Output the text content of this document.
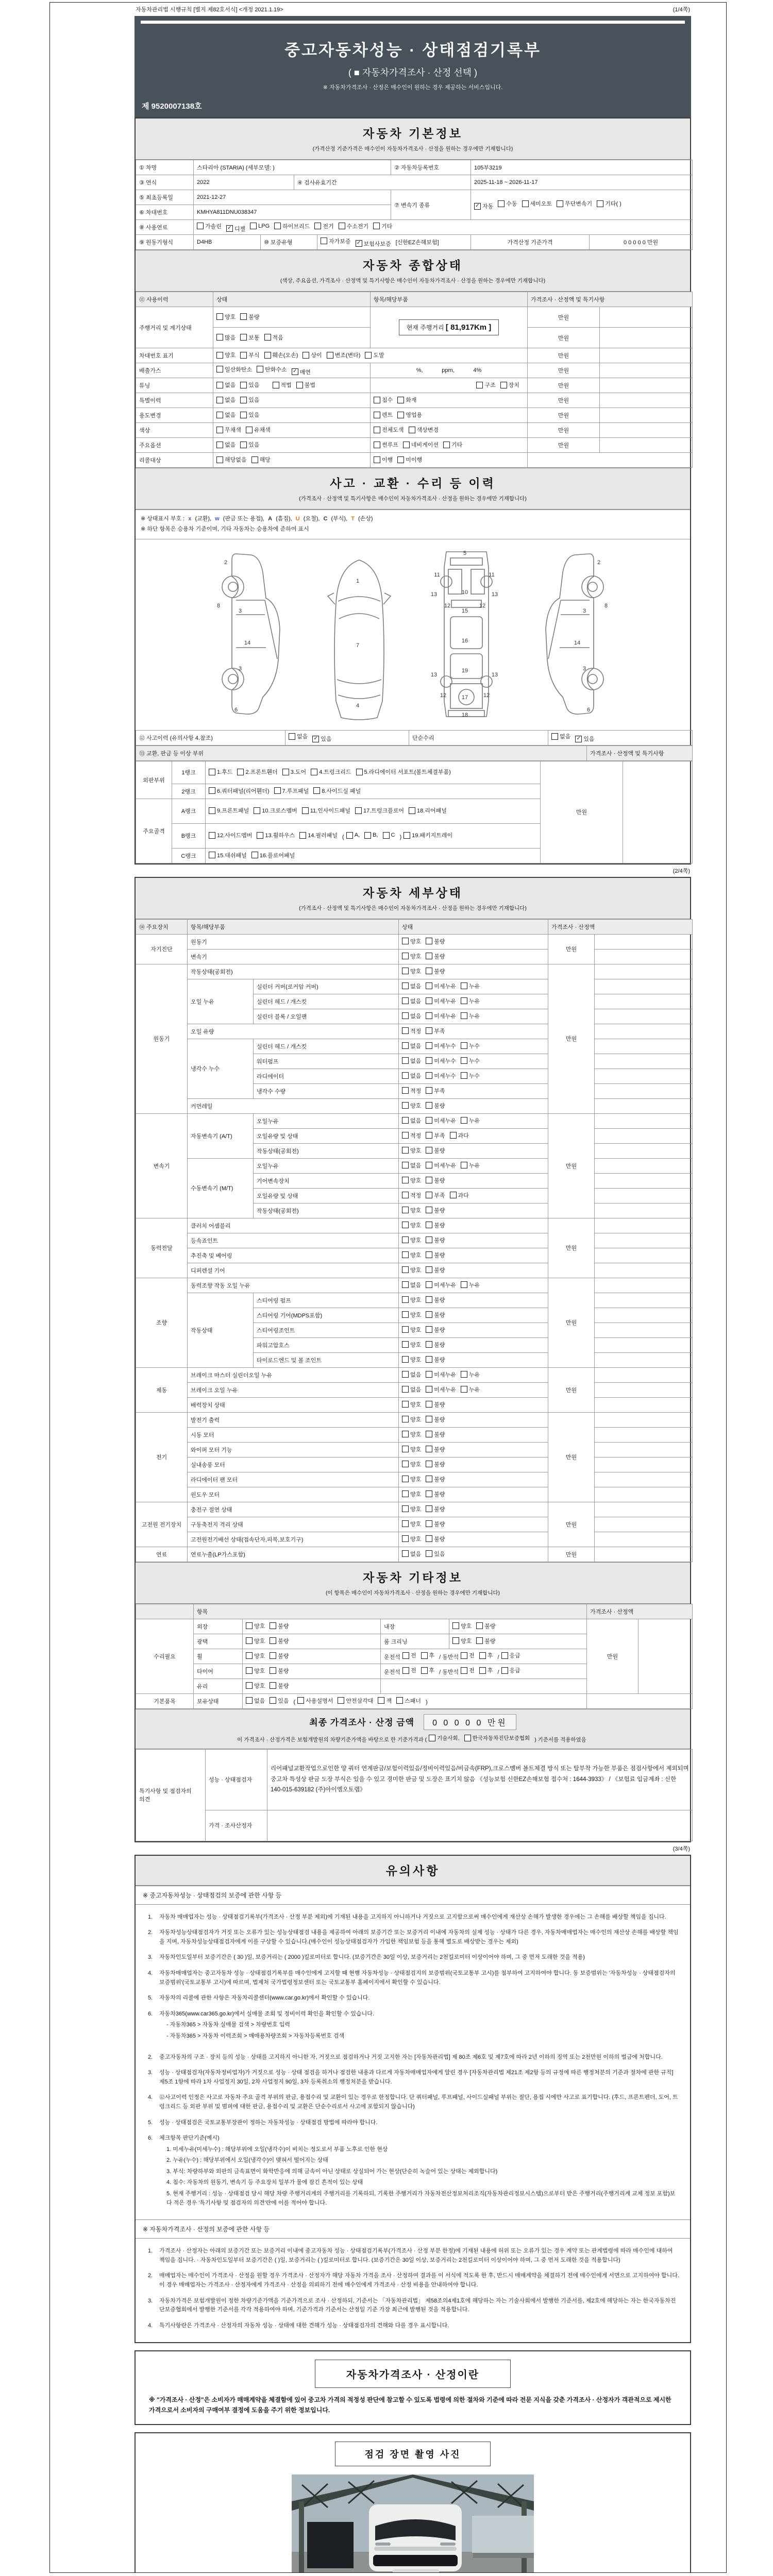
자동차관리법 시행규칙 [별지 제82호서식] <개정 2021.1.19>	(1/4쪽)
중고자동차성능 · 상태점검기록부
( ■ 자동차가격조사 · 산정 선택 )
※ 자동차가격조사 · 산정은 매수인이 원하는 경우 제공하는 서비스입니다.
제 9520007138호
자동차 기본정보
(가격산정 기준가격은 매수인이 자동차가격조사 · 산정을 원하는 경우에만 기재합니다)
① 차명	스타리아 (STARIA) (세부모델: )				② 자동차등록번호	105부3219	
③ 연식	2022		④ 검사유효기간			2025-11-18 ~ 2026-11-17	
⑤ 최초등록일	2021-12-27	⑦ 변속기 종류	✓ 자동 수동 세미오토 무단변속기 기타( )

⑥ 차대번호	KMHYA811DNU038347						
⑧ 사용연료	가솔린 ✓ 디젤 LPG 하이브리드 전기 수소전기 기타

⑨ 원동기형식	D4HB	⑩ 보증유형		자가보증 ✓ 보험사보증 [신한EZ손해보험]		가격산정 기준가격	0 0 0 0 0 만원
자동차 종합상태
(색상, 주요옵션, 가격조사 · 산정액 및 특기사항은 매수인이 자동차가격조사 · 산정을 원하는 경우에만 기재합니다)
⑪ 사용이력	상태	항목/해당부품	가격조사 · 산정액 및 특기사항	
주행거리 및 계기상태	양호 불량	현재 주행거리 [ 81,917Km ]	만원	

	많음 보통 적음		만원	
차대번호 표기	양호 부식 훼손(오손) 상이 변조(변타) 도말	만원	
배출가스	일산화탄소 탄화수소 ✓ 매연	%,            ppm,            4%	만원	
튜닝	없음 있음 적법 불법	구조 장치	만원	
특별이력	없음 있음	침수 화재	만원	
용도변경	없음 있음	렌트 영업용	만원	
색상	무채색 유채색	전체도색 색상변경	만원	
주요옵션	없음 있음	썬루프 네비게이션 기타	만원	
리콜대상	해당없음 해당	이행 미이행		

사고 · 교환 · 수리 등 이력
(가격조사 · 산정액 및 특기사항은 매수인이 자동차가격조사 · 산정을 원하는 경우에만 기재합니다)
※ 상태표시 부호 : x (교환), w (판금 또는 용접), A (흠집), U (요철), C (부식), T (손상)
※ 하단 항목은 승용차 기준이며, 기타 자동차는 승용차에 준하여 표시
2
8
3
14
3
6
1
7
4
5
11	11
13	13
12	12
10
15
16
19
13	13
12	12
17
18
2
8
3
14
3
6
⑫ 사고이력 (유의사항 4.참조)	없음 ✓ 있음	단순수리	없음 ✓ 있음
⑬ 교환, 판금 등 이상 부위	가격조사 · 산정액 및 특기사항
외판부위	1랭크	1.후드 2.프론트휀더 3.도어 4.트렁크리드 5.라디에이터 서포트(볼트체결부품)	만원	
	2랭크	6.쿼터패널(리어휀더) 7.루프패널 8.사이드실 패널		

주요골격	A랭크	9.프론트패널 10.크로스멤버 11.인사이드패널 17.트렁크플로어 18.리어패널		

B랭크	12.사이드멤버 13.휠하우스 14.필러패널 ( A, B, C ) 19.패키지트레이

	C랭크	15.대쉬패널 16.플로어패널		
(2/4쪽)
자동차 세부상태
(가격조사 · 산정액 및 특기사항은 매수인이 자동차가격조사 · 산정을 원하는 경우에만 기재합니다)
⑭ 주요장치	항목/해당부품		상태	가격조사 · 산정액	
자기진단	원동기		양호 불량	만원	
	변속기		양호 불량		

원동기	작동상태(공회전)		양호 불량	만원	
	오일 누유	실린더 커버(로커암 커버)	없음 미세누유 누유		

		실린더 헤드 / 개스킷	없음 미세누유 누유		

		실린더 블록 / 오일팬	없음 미세누유 누유		

	오일 유량		적정 부족		

	냉각수 누수	실린더 헤드 / 개스킷	없음 미세누수 누수		

		워터펌프	없음 미세누수 누수		

		라디에이터	없음 미세누수 누수		

		냉각수 수량	적정 부족		

	커먼레일		양호 불량		

변속기	자동변속기 (A/T)	오일누유	없음 미세누유 누유	만원	
		오일유량 및 상태	적정 부족 과다		

		작동상태(공회전)	양호 불량		

	수동변속기 (M/T)	오일누유	없음 미세누유 누유		

		기어변속장치	양호 불량		

		오일유량 및 상태	적정 부족 과다		

		작동상태(공회전)	양호 불량		

동력전달	클러치 어셈블리		양호 불량	만원	
	등속죠인트		양호 불량		

	추진축 및 베어링		양호 불량		

	디퍼렌셜 기어		양호 불량		

조향	동력조향 작동 오일 누유		없음 미세누유 누유	만원	
	작동상태	스티어링 펌프	양호 불량		

		스티어링 기어(MDPS포함)	양호 불량		

		스티어링조인트	양호 불량		

		파워고압호스	양호 불량		

		타이로드엔드 및 볼 조인트	양호 불량		

제동	브레이크 마스터 실린더오일 누유		없음 미세누유 누유	만원	
	브레이크 오일 누유		없음 미세누유 누유		

	배력장치 상태		양호 불량		

전기	발전기 출력		양호 불량	만원	
	시동 모터		양호 불량		

	와이퍼 모터 기능		양호 불량		

	실내송풍 모터		양호 불량		

	라디에이터 팬 모터		양호 불량		

	윈도우 모터		양호 불량		

고전원 전기장치	충전구 절연 상태		양호 불량	만원	
	구동축전지 격리 상태		양호 불량		

	고전원전기배선 상태(접속단자,피복,보호기구)		양호 불량		

연료	연료누출(LP가스포함)		없음 있음	만원	
자동차 기타정보
(이 항목은 매수인이 자동차가격조사 · 산정을 원하는 경우에만 기재합니다)
	항목				가격조사 · 산정액	
수리필요	외장	양호 불량	내장	양호 불량	만원	
	광택	양호 불량	룸 크리닝	양호 불량		

휠	양호 불량	운전석 전 후 / 동반석 전 후 / 응급

타이어	양호 불량	운전석 전 후 / 동반석 전 후 / 응급

	유리	양호 불량				

기본품목	보유상태	없음 있음 ( 사용설명서 안전삼각대 잭 스패너 )	
최종 가격조사 · 산정 금액 0 0 0 0 0 만원
이 가격조사 · 산정가격은 보험개발원의 차량기준가액을 바탕으로 한 기준가격과 ( 기술사회, 한국자동차진단보증협회 ) 기준서를 적용하였음
특기사항 및 점검자의 의견	성능 · 상태점검자	리어패널교환작업으로인한 양 쿼터 연계판금/보험이력있음/정비이력있음/비금속(FRP),크로스멤버 볼트체결 방식 또는 탈부착 가능한 부품은 점검사항에서 제외되며 중고차 특성상 판금 도장 부식은 있을 수 있고 경미한 판금 및 도장은 표기치 않음 《성능보험 신한EZ손해보험 접수처 : 1644-3933》 / 《보험료 입금계좌 : 신한 140-015-639182 (주)아이엠오토랩》
	가격 · 조사산정자	
(3/4쪽)
유의사항
※ 중고자동차성능 · 상태점검의 보증에 관한 사항 등
1.	자동차 매매업자는 성능 · 상태점검기록부(가격조사 · 산정 부분 제외)에 기재된 내용을 고지하지 아니하거나 거짓으로 고지함으로써 매수인에게 재산상 손해가 발생한 경우에는 그 손해를 배상할 책임을 집니다.
2.	자동차성능상태점검자가 거짓 또는 오류가 있는 성능상태점검 내용을 제공하여 아래의 보증기간 또는 보증거리 이내에 자동차의 실제 성능 · 상태가 다른 경우, 자동차매매업자는 매수인의 재산상 손해를 배상할 책임을 지며, 자동차성능상태점검자에게 이를 구상할 수 있습니다.(매수인이 성능상태점검자가 가입한 책임보험 등을 통해 별도로 배상받는 경우는 제외)
3.	자동차인도일부터 보증기간은 ( 30 )일, 보증거리는 ( 2000 )킬로미터로 합니다. (보증기간은 30일 이상, 보증거리는 2천킬로미터 이상이어야 하며, 그 중 먼저 도래한 것을 적용)
4.	자동차매매업자는 중고자동차 성능 · 상태점검기록부를 매수인에게 고지할 때 현행 자동차성능 · 상태점검지의 보증범위(국토교통부 고시)를 첨부하여 고지하여야 합니다. 동 보증범위는 '자동차성능 · 상태점검자의 보증범위'(국토교통부 고시)에 따르며, 법제처 국가법령정보센터 또는 국토교통부 홈페이지에서 확인할 수 있습니다.
5.	자동차의 리콜에 관한 사항은 자동차리콜센터(www.car.go.kr)에서 확인할 수 있습니다.
6.	자동차365(www.car365.go.kr)에서 실매물 조회 및 정비이력 확인을 확인할 수 있습니다.
- 자동차365 > 자동차 실매물 검색 > 차량번호 입력
- 자동차365 > 자동차 이력조회 > 매매용차량조회 > 자동차등록번호 검색
2.	중고자동차의 구조 · 장치 등의 성능 · 상태를 고지하지 아니한 자, 거짓으로 점검하거나 거짓 고지한 자는 [자동차관리법] 제 80조 제6호 및 제7호에 따라 2년 이하의 징역 또는 2천만원 이하의 벌금에 처합니다.
3.	성능 · 상태점검자(자동차정비업자)가 거짓으로 성능 · 상태 점검을 하거나 점검한 내용과 다르게 자동차매매업자에게 알린 경우 [자동차관리법 제21조 제2항 등의 규정에 따른 행정처분의 기준과 절차에 관한 규칙] 제5조 1항에 따라 1차 사업정지 30일, 2차 사업정지 90일, 3차 등록취소의 행정처분을 받습니다.
4.	⑫사고이력 인정은 사고로 자동차 주요 골격 부위의 판금, 용접수리 및 교환이 있는 경우로 한정합니다. 단 쿼터패널, 루프패널, 사이드실패널 부위는 절단, 용접 시에만 사고로 표기합니다. (후드, 프론트펜더, 도어, 트렁크리드 등 외판 부위 및 범퍼에 대한 판금, 용접수리 및 교환은 단순수리로서 사고에 포함되지 않습니다)
5.	성능 · 상태점검은 국토교통부장관이 정하는 자동차성능 · 상태점검 방법에 따라야 합니다.
6.	체크항목 판단기준(예시)
1. 미세누유(미세누수) : 해당부위에 오일(냉각수)이 비치는 정도로서 부품 노후로 인한 현상
2. 누유(누수) : 해당부위에서 오일(냉각수)이 맺혀서 떨어지는 상태
3. 부식: 차량하부와 외판의 금속표면이 화학반응에 의해 금속이 아닌 상태로 상실되어 가는 현상(단순히 녹슬어 있는 상태는 제외합니다)
4. 침수: 자동차의 원동기, 변속기 등 주요장치 일부가 물에 잠긴 흔적이 있는 상태
5. 현재 주행거리 : 성능 · 상태점검 당시 해당 차량 주행거리계의 주행거리를 기록하되, 기록한 주행거리가 자동차전산정보처리조직(자동차관리정보시스템)으로부터 받은 주행거리(주행거리계 교체 정보 포함)보다 적은 경우 '특기사항 및 점검자의 의견'란에 이를 적어야 합니다.
※ 자동차가격조사 · 산정의 보증에 관한 사항 등
1.	가격조사 · 산정자는 아래의 보증기간 또는 보증거리 이내에 중고자동차 성능 · 상태점검기록부(가격조사 · 산정 부분 한정)에 기재된 내용에 허위 또는 오류가 있는 경우 계약 또는 관계법령에 따라 매수인에 대하여 책임을 집니다. · 자동차인도일부터 보증기간은 ( )일, 보증거리는 ( )킬로미터로 합니다. (보증기간은 30일 이상, 보증거리는 2천킬로미터 이상이어야 하며, 그 중 먼저 도래한 것을 적용합니다)
2.	매매업자는 매수인이 가격조사 · 산정을 원할 경우 가격조사 · 산정자가 해당 자동차 가격을 조사 · 산정하여 결과를 이 서식에 적도록 한 후, 반드시 매매계약을 체결하기 전에 매수인에게 서면으로 고지하여야 합니다. 이 경우 매매업자는 가격조사 · 산정자에게 가격조사 · 산정을 의뢰하기 전에 매수인에게 가격조사 · 산정 비용을 안내하여야 합니다.
3.	자동차가격은 보험개발원이 정한 차량기준가액을 기준가격으로 조사 · 산정하되, 기준서는 「자동차관리법」 제58조의4제1호에 해당하는 자는 기술사회에서 발행한 기준서를, 제2호에 해당하는 자는 한국자동차진단보증협회에서 발행한 기준서를 각각 적용하여야 하며, 기준가격과 기준서는 산정일 기준 가장 최근에 발행된 것을 적용합니다.
4.	특기사항란은 가격조사 · 산정자의 자동차 성능 · 상태에 대한 견해가 성능 · 상태점검자의 견해와 다를 경우 표시합니다.
자동차가격조사 · 산정이란
※ "가격조사 · 산정"은 소비자가 매매계약을 체결함에 있어 중고차 가격의 적정성 판단에 참고할 수 있도록 법령에 의한 절차와 기준에 따라 전문 지식을 갖춘 가격조사 · 산정자가 객관적으로 제시한 가격으로서 소비자의 구매여부 결정에 도움을 주기 위한 정보입니다.
점검 장면 촬영 사진
